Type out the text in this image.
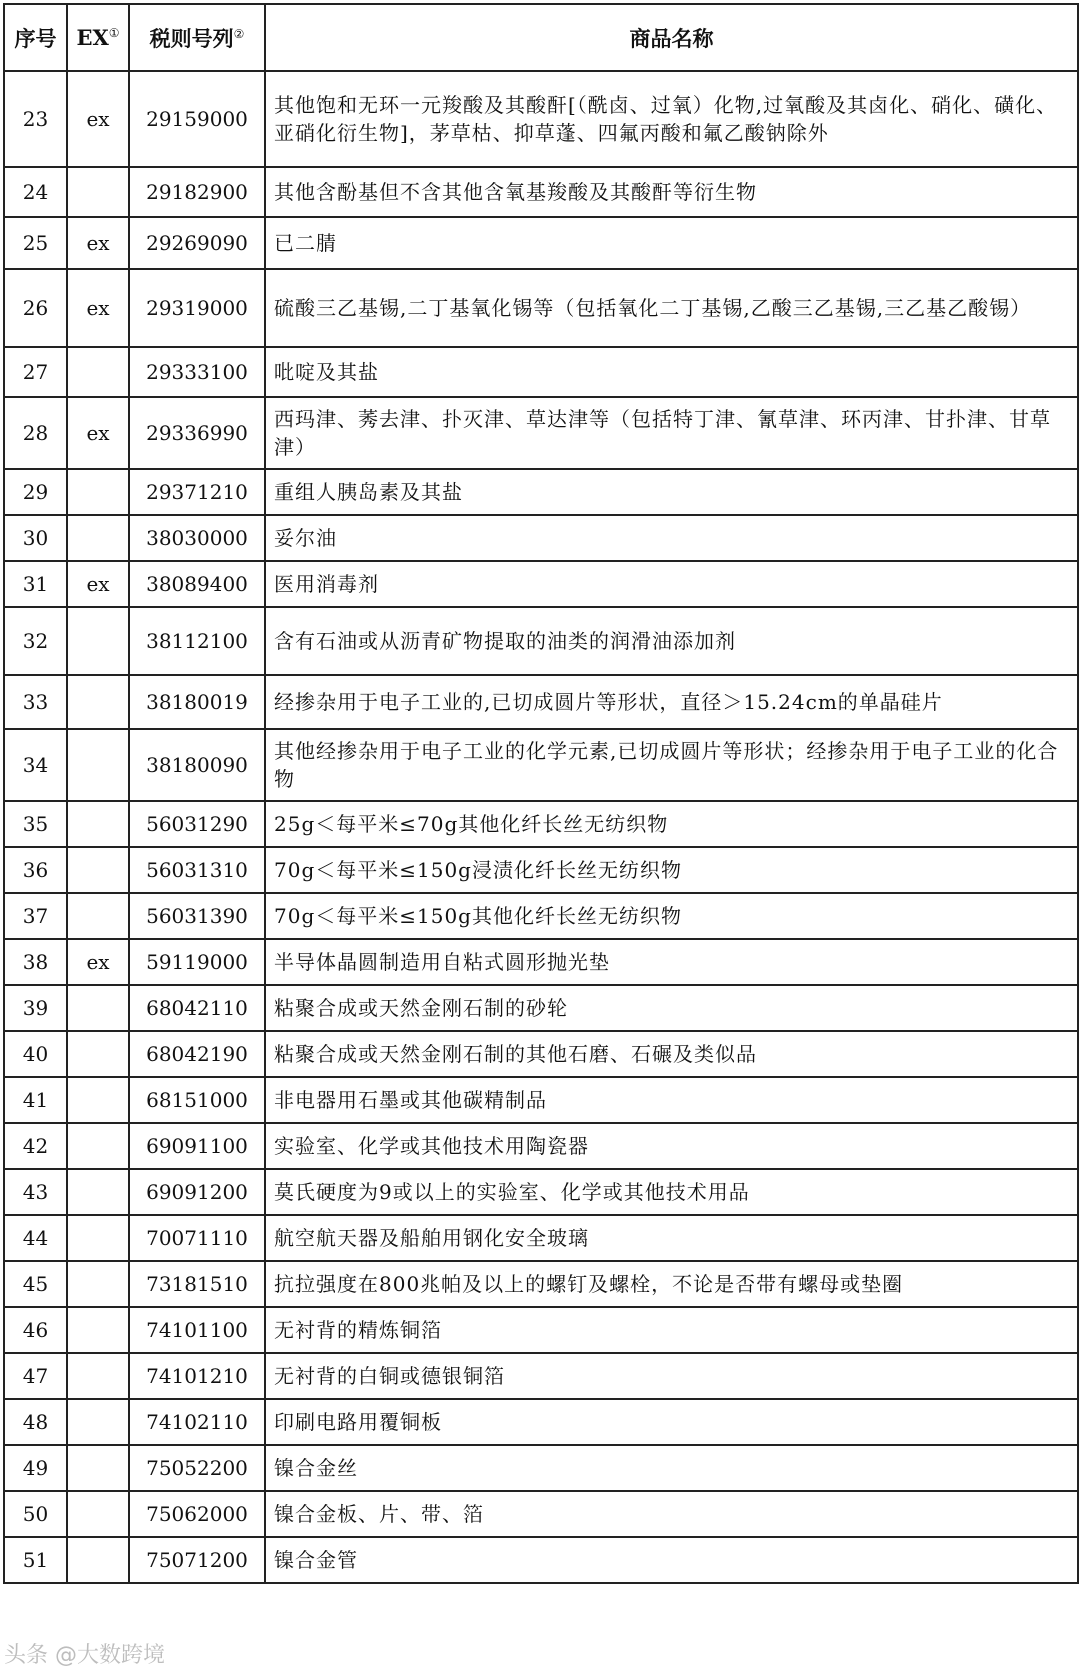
序号	EX①	税则号列②	商品名称
23	ex	29159000	其他饱和无环一元羧酸及其酸酐[（酰卤、过氧）化物,过氧酸及其卤化、硝化、磺化、亚硝化衍生物]，茅草枯、抑草蓬、四氟丙酸和氟乙酸钠除外
24		29182900	其他含酚基但不含其他含氧基羧酸及其酸酐等衍生物
25	ex	29269090	已二腈
26	ex	29319000	硫酸三乙基锡,二丁基氧化锡等（包括氧化二丁基锡,乙酸三乙基锡,三乙基乙酸锡）
27		29333100	吡啶及其盐
28	ex	29336990	西玛津、莠去津、扑灭津、草达津等（包括特丁津、氰草津、环丙津、甘扑津、甘草津）
29		29371210	重组人胰岛素及其盐
30		38030000	妥尔油
31	ex	38089400	医用消毒剂
32		38112100	含有石油或从沥青矿物提取的油类的润滑油添加剂
33		38180019	经掺杂用于电子工业的,已切成圆片等形状，直径＞15.24cm的单晶硅片
34		38180090	其他经掺杂用于电子工业的化学元素,已切成圆片等形状；经掺杂用于电子工业的化合物
35		56031290	25g＜每平米≤70g其他化纤长丝无纺织物
36		56031310	70g＜每平米≤150g浸渍化纤长丝无纺织物
37		56031390	70g＜每平米≤150g其他化纤长丝无纺织物
38	ex	59119000	半导体晶圆制造用自粘式圆形抛光垫
39		68042110	粘聚合成或天然金刚石制的砂轮
40		68042190	粘聚合成或天然金刚石制的其他石磨、石碾及类似品
41		68151000	非电器用石墨或其他碳精制品
42		69091100	实验室、化学或其他技术用陶瓷器
43		69091200	莫氏硬度为9或以上的实验室、化学或其他技术用品
44		70071110	航空航天器及船舶用钢化安全玻璃
45		73181510	抗拉强度在800兆帕及以上的螺钉及螺栓，不论是否带有螺母或垫圈
46		74101100	无衬背的精炼铜箔
47		74101210	无衬背的白铜或德银铜箔
48		74102110	印刷电路用覆铜板
49		75052200	镍合金丝
50		75062000	镍合金板、片、带、箔
51		75071200	镍合金管
头条 @大数跨境
